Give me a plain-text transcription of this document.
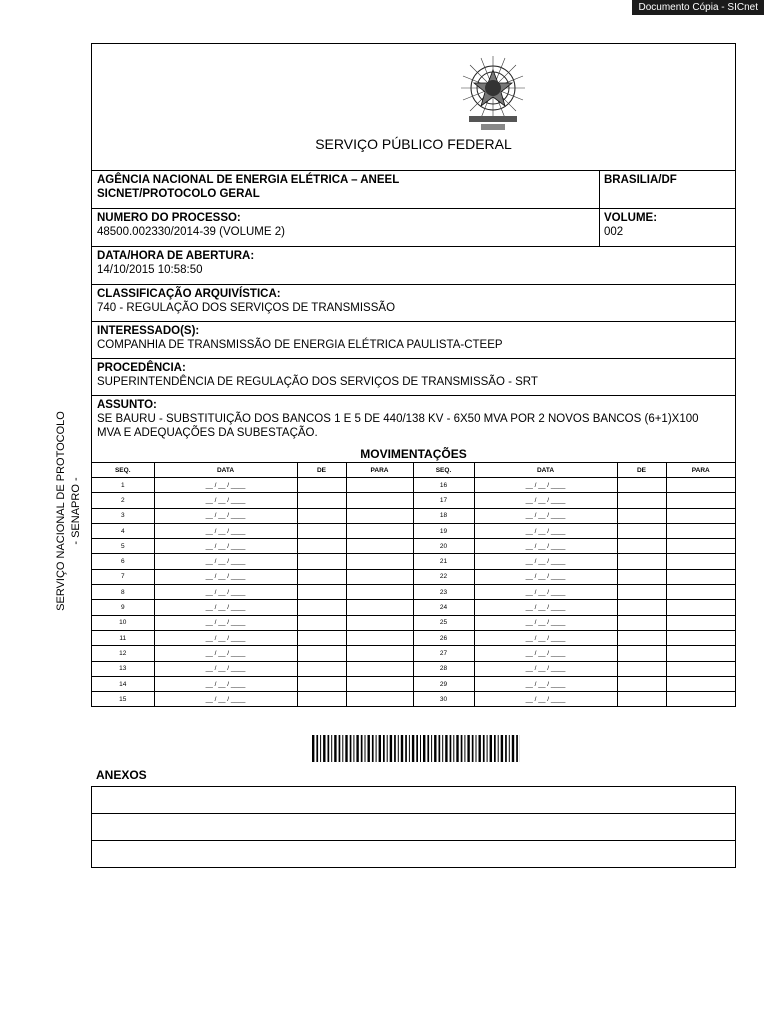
Documento Cópia - SICnet
SERVIÇO NACIONAL DE PROTOCOLO - SENAPRO -
SERVIÇO PÚBLICO FEDERAL
AGÊNCIA NACIONAL DE ENERGIA ELÉTRICA – ANEEL
SICNET/PROTOCOLO GERAL
BRASILIA/DF
NUMERO DO PROCESSO:
48500.002330/2014-39 (VOLUME 2)
VOLUME:
002
DATA/HORA DE ABERTURA:
14/10/2015 10:58:50
CLASSIFICAÇÃO ARQUIVÍSTICA:
740 - REGULAÇÃO DOS SERVIÇOS DE TRANSMISSÃO
INTERESSADO(S):
COMPANHIA DE TRANSMISSÃO DE ENERGIA ELÉTRICA PAULISTA-CTEEP
PROCEDÊNCIA:
SUPERINTENDÊNCIA DE REGULAÇÃO DOS SERVIÇOS DE TRANSMISSÃO - SRT
ASSUNTO:
SE BAURU - SUBSTITUIÇÃO DOS BANCOS 1 E 5 DE 440/138 KV - 6X50 MVA POR 2 NOVOS BANCOS (6+1)X100
MVA E ADEQUAÇÕES DA SUBESTAÇÃO.
MOVIMENTAÇÕES
SEQ.	DATA	DE	PARA	SEQ.	DATA	DE	PARA
1	__ / __ / ____			16	__ / __ / ____		
2	__ / __ / ____			17	__ / __ / ____		
3	__ / __ / ____			18	__ / __ / ____		
4	__ / __ / ____			19	__ / __ / ____		
5	__ / __ / ____			20	__ / __ / ____		
6	__ / __ / ____			21	__ / __ / ____		
7	__ / __ / ____			22	__ / __ / ____		
8	__ / __ / ____			23	__ / __ / ____		
9	__ / __ / ____			24	__ / __ / ____		
10	__ / __ / ____			25	__ / __ / ____		
11	__ / __ / ____			26	__ / __ / ____		
12	__ / __ / ____			27	__ / __ / ____		
13	__ / __ / ____			28	__ / __ / ____		
14	__ / __ / ____			29	__ / __ / ____		
15	__ / __ / ____			30	__ / __ / ____		
ANEXOS
